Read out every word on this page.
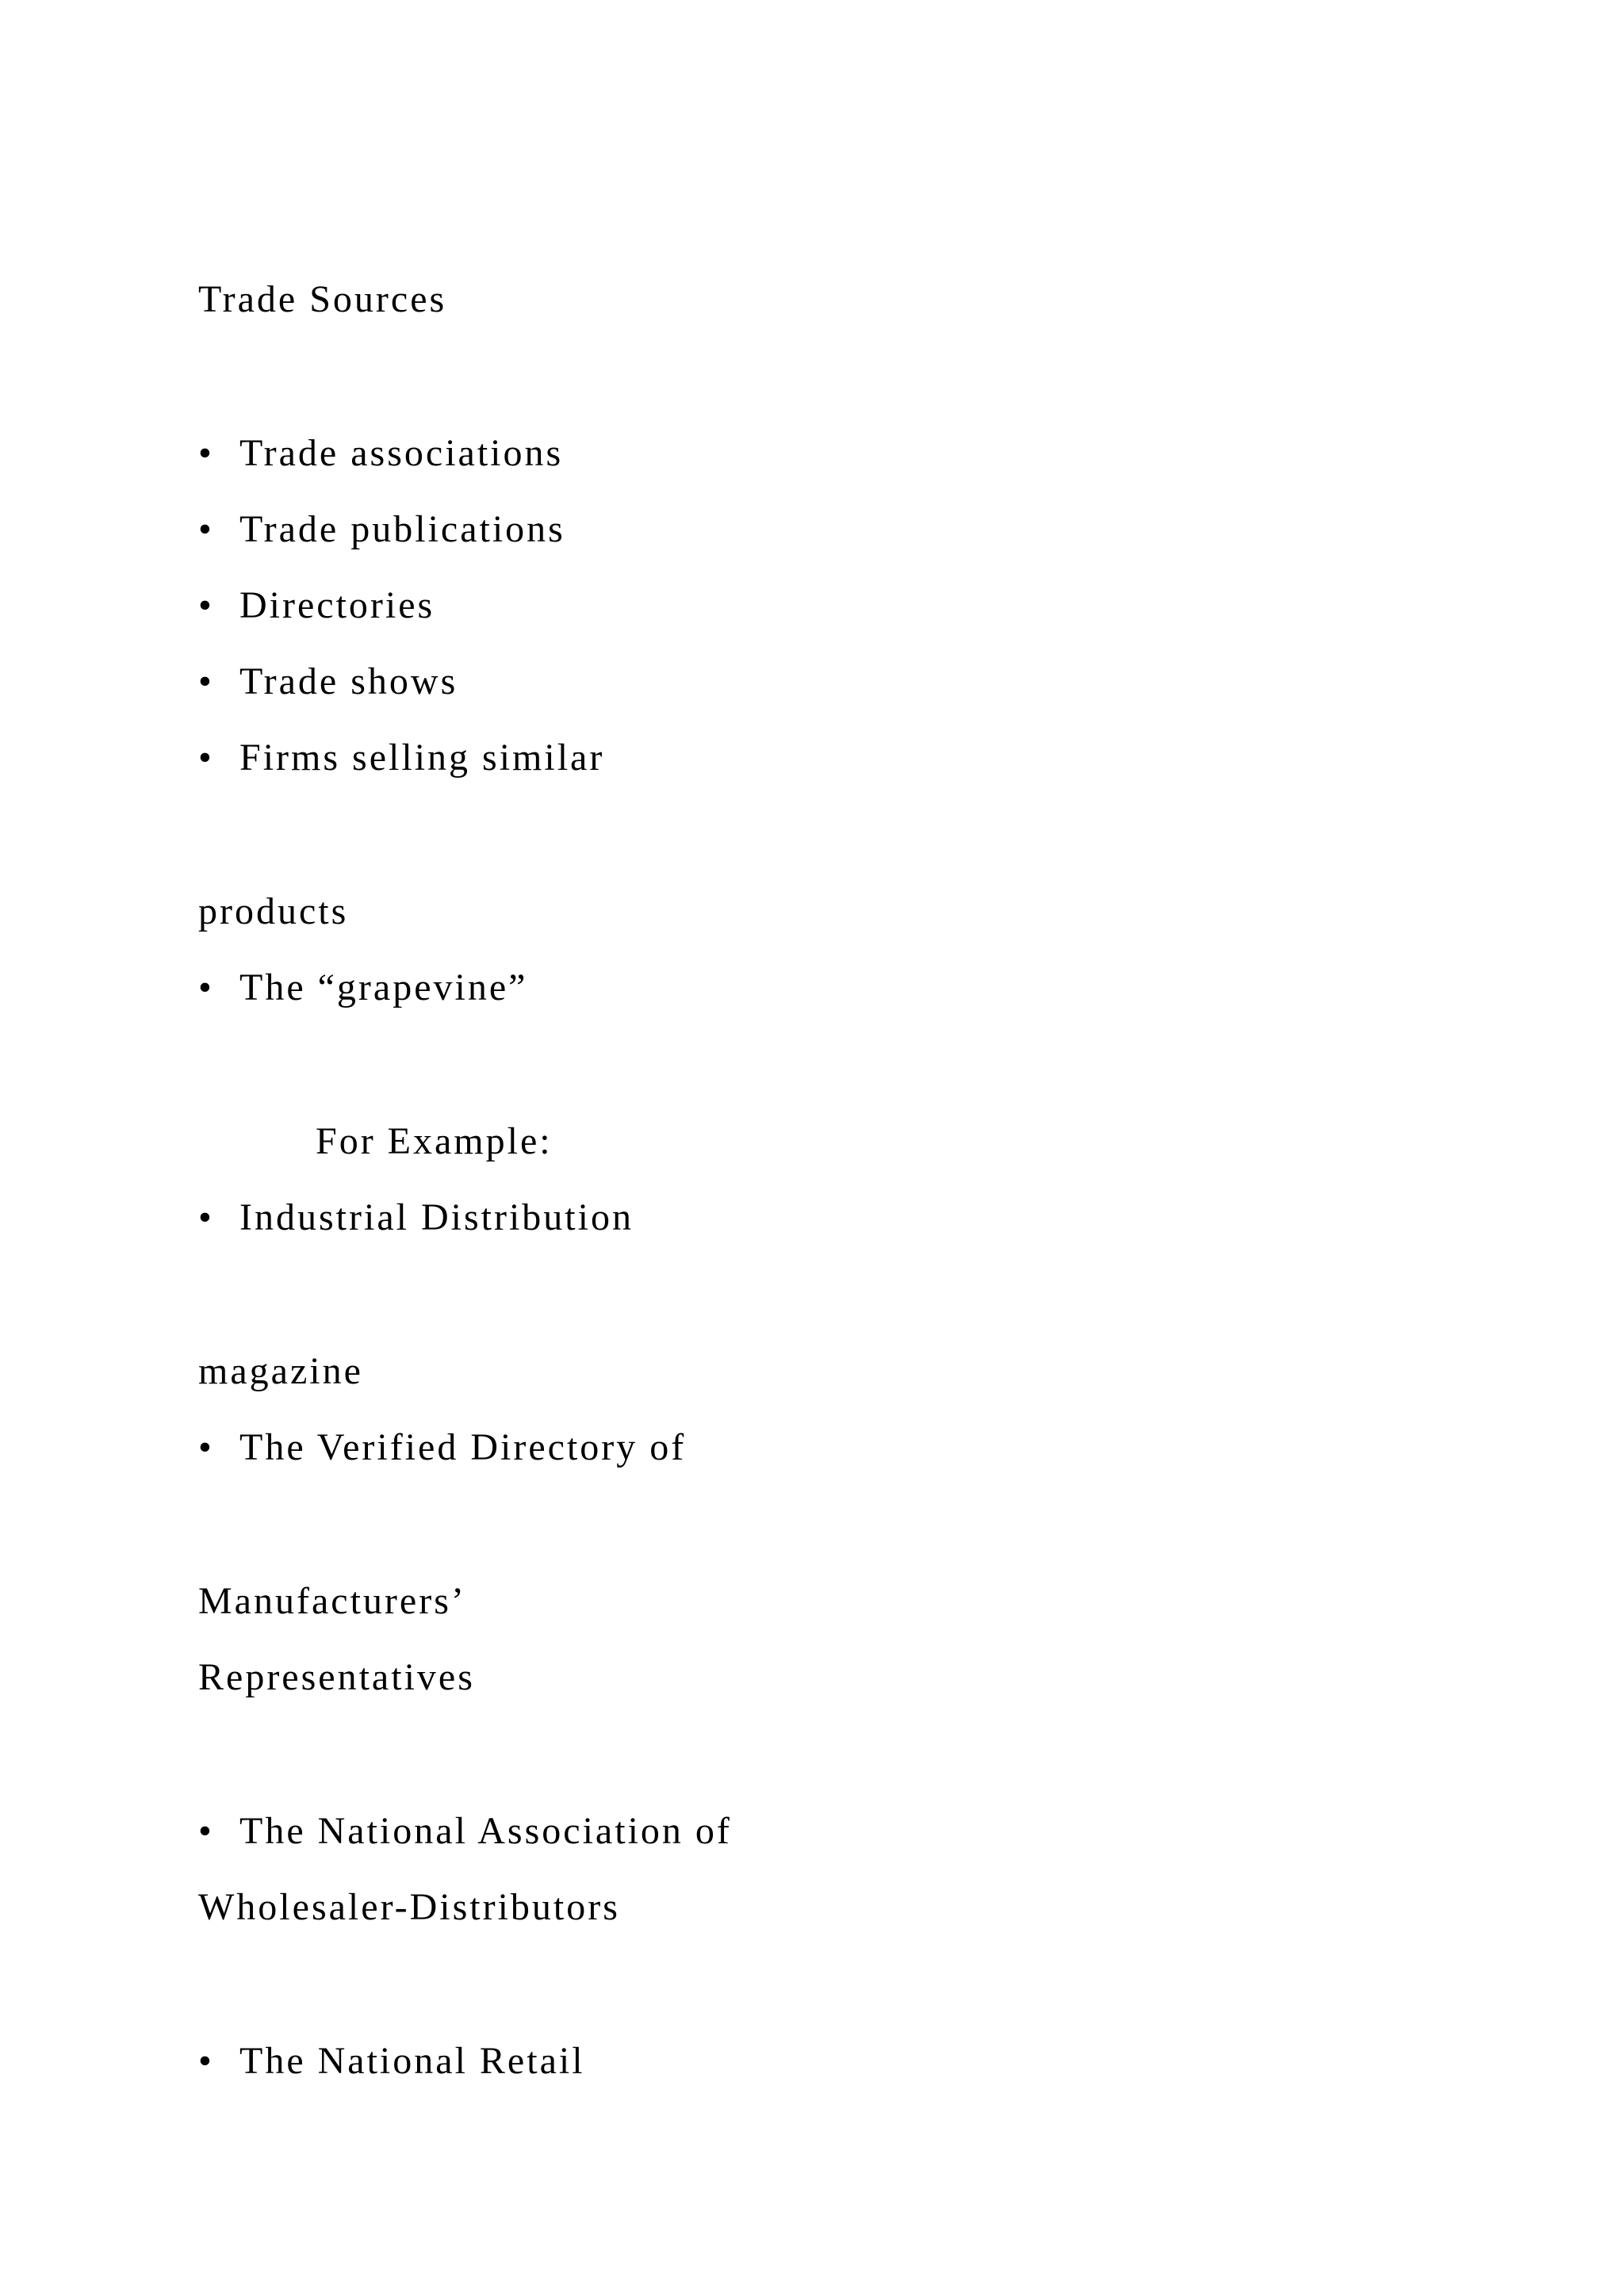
Trade Sources
• Trade associations
• Trade publications
• Directories
• Trade shows
• Firms selling similar
products
• The “grapevine”
For Example:
• Industrial Distribution
magazine
• The Verified Directory of
Manufacturers’
Representatives
• The National Association of
Wholesaler-Distributors
• The National Retail
